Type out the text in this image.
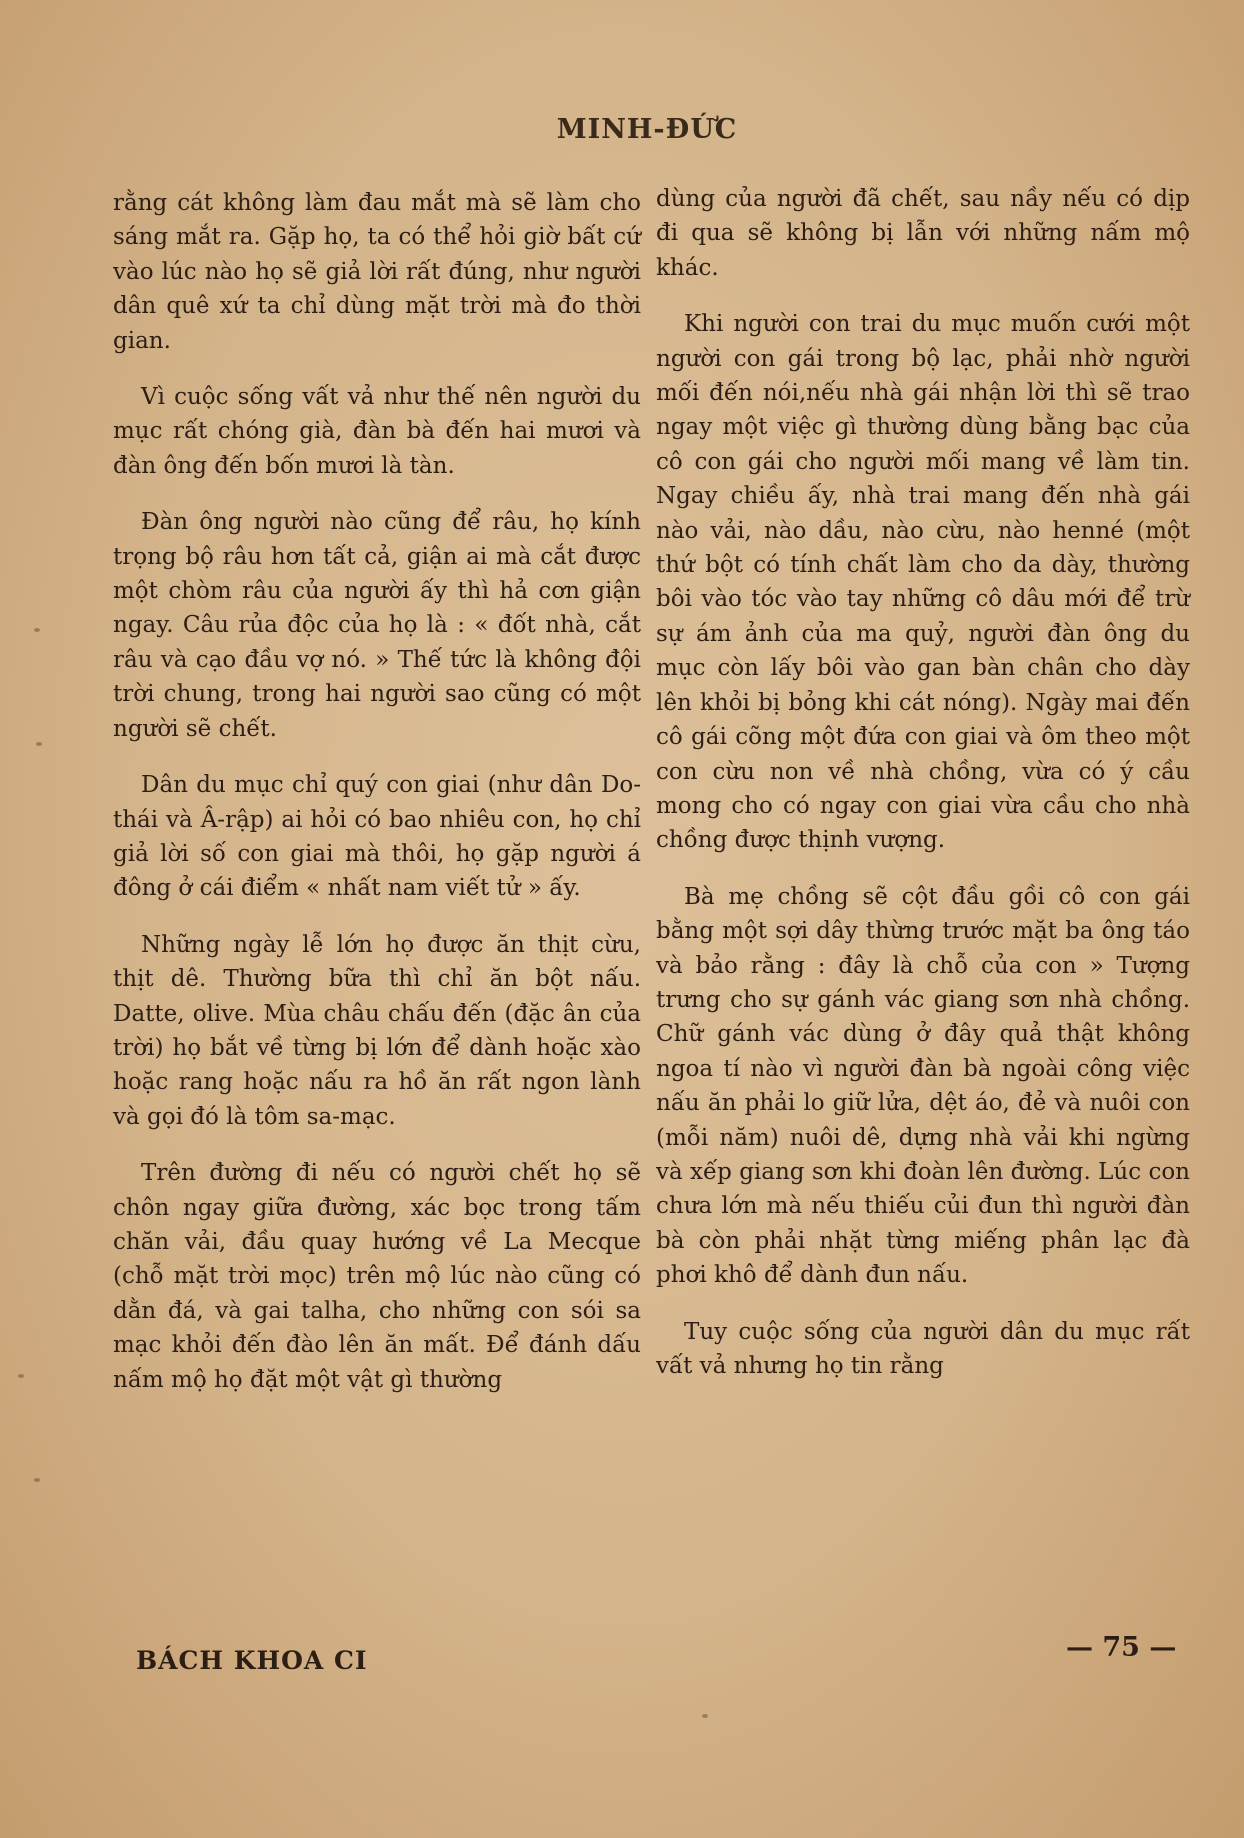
MINH-ĐỨC

rằng cát không làm đau mắt mà sẽ làm cho sáng mắt ra. Gặp họ, ta có thể hỏi giờ bất cứ vào lúc nào họ sẽ giả lời rất đúng, như người dân quê xứ ta chỉ dùng mặt trời mà đo thời gian.

Vì cuộc sống vất vả như thế nên người du mục rất chóng già, đàn bà đến hai mươi và đàn ông đến bốn mươi là tàn.

Đàn ông người nào cũng để râu, họ kính trọng bộ râu hơn tất cả, giận ai mà cắt được một chòm râu của người ấy thì hả cơn giận ngay. Câu rủa độc của họ là : « đốt nhà, cắt râu và cạo đầu vợ nó. » Thế tức là không đội trời chung, trong hai người sao cũng có một người sẽ chết.

Dân du mục chỉ quý con giai (như dân Do-thái và Â-rập) ai hỏi có bao nhiêu con, họ chỉ giả lời số con giai mà thôi, họ gặp người á đông ở cái điểm « nhất nam viết tử » ấy.

Những ngày lễ lớn họ được ăn thịt cừu, thịt dê. Thường bữa thì chỉ ăn bột nấu. Datte, olive. Mùa châu chấu đến (đặc ân của trời) họ bắt về từng bị lớn để dành hoặc xào hoặc rang hoặc nấu ra hồ ăn rất ngon lành và gọi đó là tôm sa-mạc.

Trên đường đi nếu có người chết họ sẽ chôn ngay giữa đường, xác bọc trong tấm chăn vải, đầu quay hướng về La Mecque (chỗ mặt trời mọc) trên mộ lúc nào cũng có dằn đá, và gai talha, cho những con sói sa mạc khỏi đến đào lên ăn mất. Để đánh dấu nấm mộ họ đặt một vật gì thường

dùng của người đã chết, sau nầy nếu có dịp đi qua sẽ không bị lẫn với những nấm mộ khác.

Khi người con trai du mục muốn cưới một người con gái trong bộ lạc, phải nhờ người mối đến nói,nếu nhà gái nhận lời thì sẽ trao ngay một việc gì thường dùng bằng bạc của cô con gái cho người mối mang về làm tin. Ngay chiều ấy, nhà trai mang đến nhà gái nào vải, nào dầu, nào cừu, nào henné (một thứ bột có tính chất làm cho da dày, thường bôi vào tóc vào tay những cô dâu mới để trừ sự ám ảnh của ma quỷ, người đàn ông du mục còn lấy bôi vào gan bàn chân cho dày lên khỏi bị bỏng khi cát nóng). Ngày mai đến cô gái cõng một đứa con giai và ôm theo một con cừu non về nhà chồng, vừa có ý cầu mong cho có ngay con giai vừa cầu cho nhà chồng được thịnh vượng.

Bà mẹ chồng sẽ cột đầu gồi cô con gái bằng một sợi dây thừng trước mặt ba ông táo và bảo rằng : đây là chỗ của con » Tượng trưng cho sự gánh vác giang sơn nhà chồng. Chữ gánh vác dùng ở đây quả thật không ngoa tí nào vì người đàn bà ngoài công việc nấu ăn phải lo giữ lửa, dệt áo, đẻ và nuôi con (mỗi năm) nuôi dê, dựng nhà vải khi ngừng và xếp giang sơn khi đoàn lên đường. Lúc con chưa lớn mà nếu thiếu củi đun thì người đàn bà còn phải nhặt từng miếng phân lạc đà phơi khô để dành đun nấu.

Tuy cuộc sống của người dân du mục rất vất vả nhưng họ tin rằng

BÁCH KHOA CI	— 75 —
